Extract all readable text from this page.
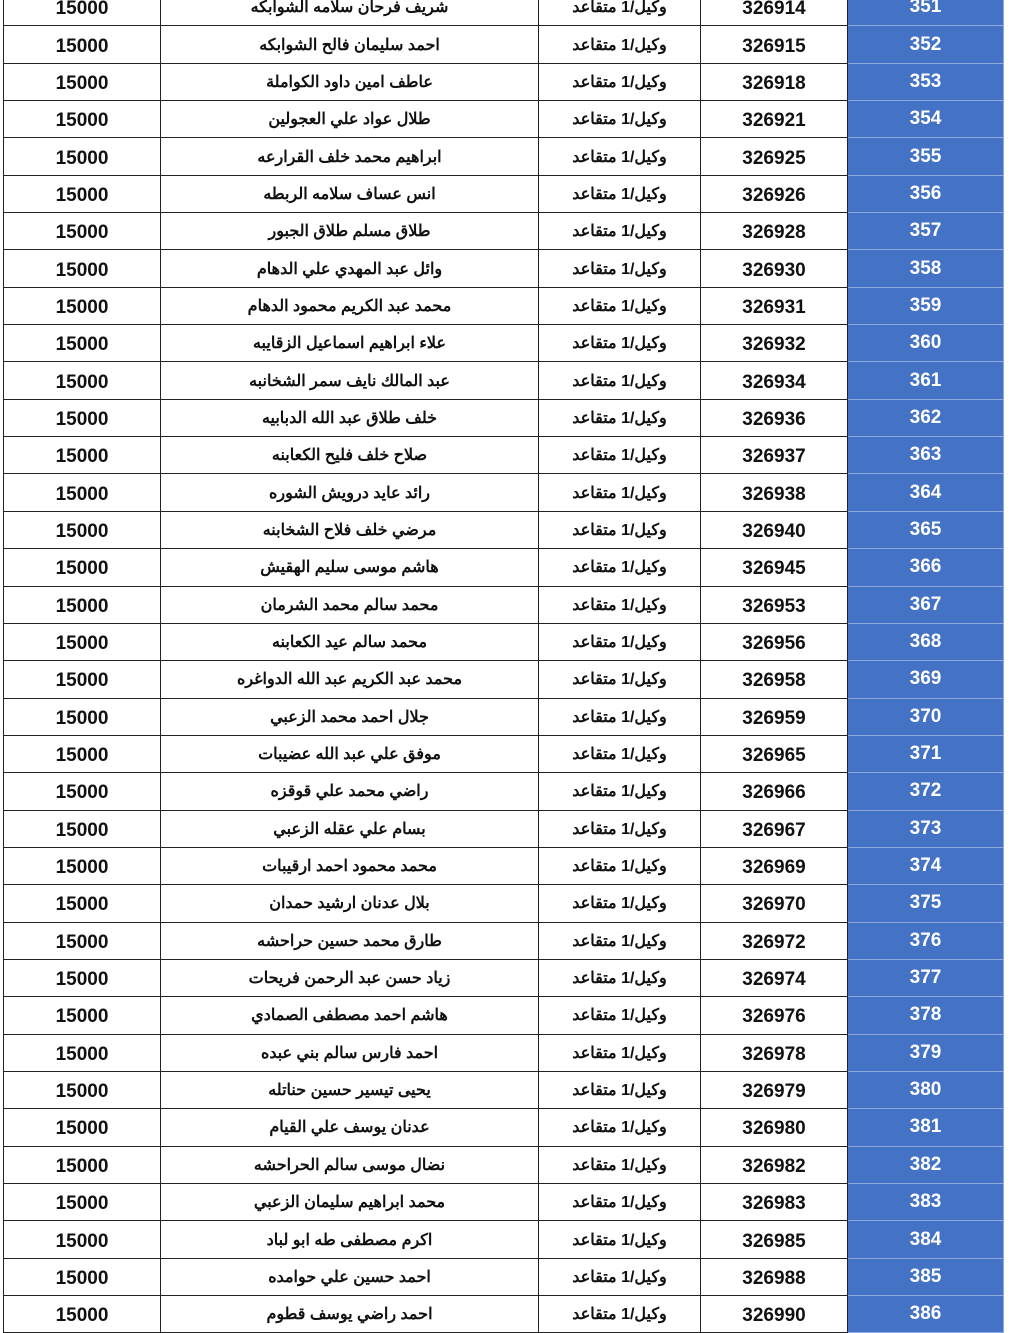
15000	شريف فرحان سلامه الشوابكه	وكيل/1 متقاعد	326914	351
15000	احمد سليمان فالح الشوابكه	وكيل/1 متقاعد	326915	352
15000	عاطف امين داود الكواملة	وكيل/1 متقاعد	326918	353
15000	طلال عواد علي العجولين	وكيل/1 متقاعد	326921	354
15000	ابراهيم محمد خلف القرارعه	وكيل/1 متقاعد	326925	355
15000	انس عساف سلامه الربطه	وكيل/1 متقاعد	326926	356
15000	طلاق مسلم طلاق الجبور	وكيل/1 متقاعد	326928	357
15000	وائل عبد المهدي علي الدهام	وكيل/1 متقاعد	326930	358
15000	محمد عبد الكريم محمود الدهام	وكيل/1 متقاعد	326931	359
15000	علاء ابراهيم اسماعيل الزقايبه	وكيل/1 متقاعد	326932	360
15000	عبد المالك نايف سمر الشخانبه	وكيل/1 متقاعد	326934	361
15000	خلف طلاق عبد الله الدبابيه	وكيل/1 متقاعد	326936	362
15000	صلاح خلف فليح الكعابنه	وكيل/1 متقاعد	326937	363
15000	رائد عايد درويش الشوره	وكيل/1 متقاعد	326938	364
15000	مرضي خلف فلاح الشخابنه	وكيل/1 متقاعد	326940	365
15000	هاشم موسى سليم الهقيش	وكيل/1 متقاعد	326945	366
15000	محمد سالم محمد الشرمان	وكيل/1 متقاعد	326953	367
15000	محمد سالم عيد الكعابنه	وكيل/1 متقاعد	326956	368
15000	محمد عبد الكريم عبد الله الدواغره	وكيل/1 متقاعد	326958	369
15000	جلال احمد محمد الزعبي	وكيل/1 متقاعد	326959	370
15000	موفق علي عبد الله عضيبات	وكيل/1 متقاعد	326965	371
15000	راضي محمد علي قوقزه	وكيل/1 متقاعد	326966	372
15000	بسام علي عقله الزعبي	وكيل/1 متقاعد	326967	373
15000	محمد محمود احمد ارقيبات	وكيل/1 متقاعد	326969	374
15000	بلال عدنان ارشيد حمدان	وكيل/1 متقاعد	326970	375
15000	طارق محمد حسين حراحشه	وكيل/1 متقاعد	326972	376
15000	زياد حسن عبد الرحمن فريحات	وكيل/1 متقاعد	326974	377
15000	هاشم احمد مصطفى الصمادي	وكيل/1 متقاعد	326976	378
15000	احمد فارس سالم بني عبده	وكيل/1 متقاعد	326978	379
15000	يحيى تيسير حسين حناتله	وكيل/1 متقاعد	326979	380
15000	عدنان يوسف علي القيام	وكيل/1 متقاعد	326980	381
15000	نضال موسى سالم الحراحشه	وكيل/1 متقاعد	326982	382
15000	محمد ابراهيم سليمان الزعبي	وكيل/1 متقاعد	326983	383
15000	اكرم مصطفى طه ابو لباد	وكيل/1 متقاعد	326985	384
15000	احمد حسين علي حوامده	وكيل/1 متقاعد	326988	385
15000	احمد راضي يوسف قطوم	وكيل/1 متقاعد	326990	386
